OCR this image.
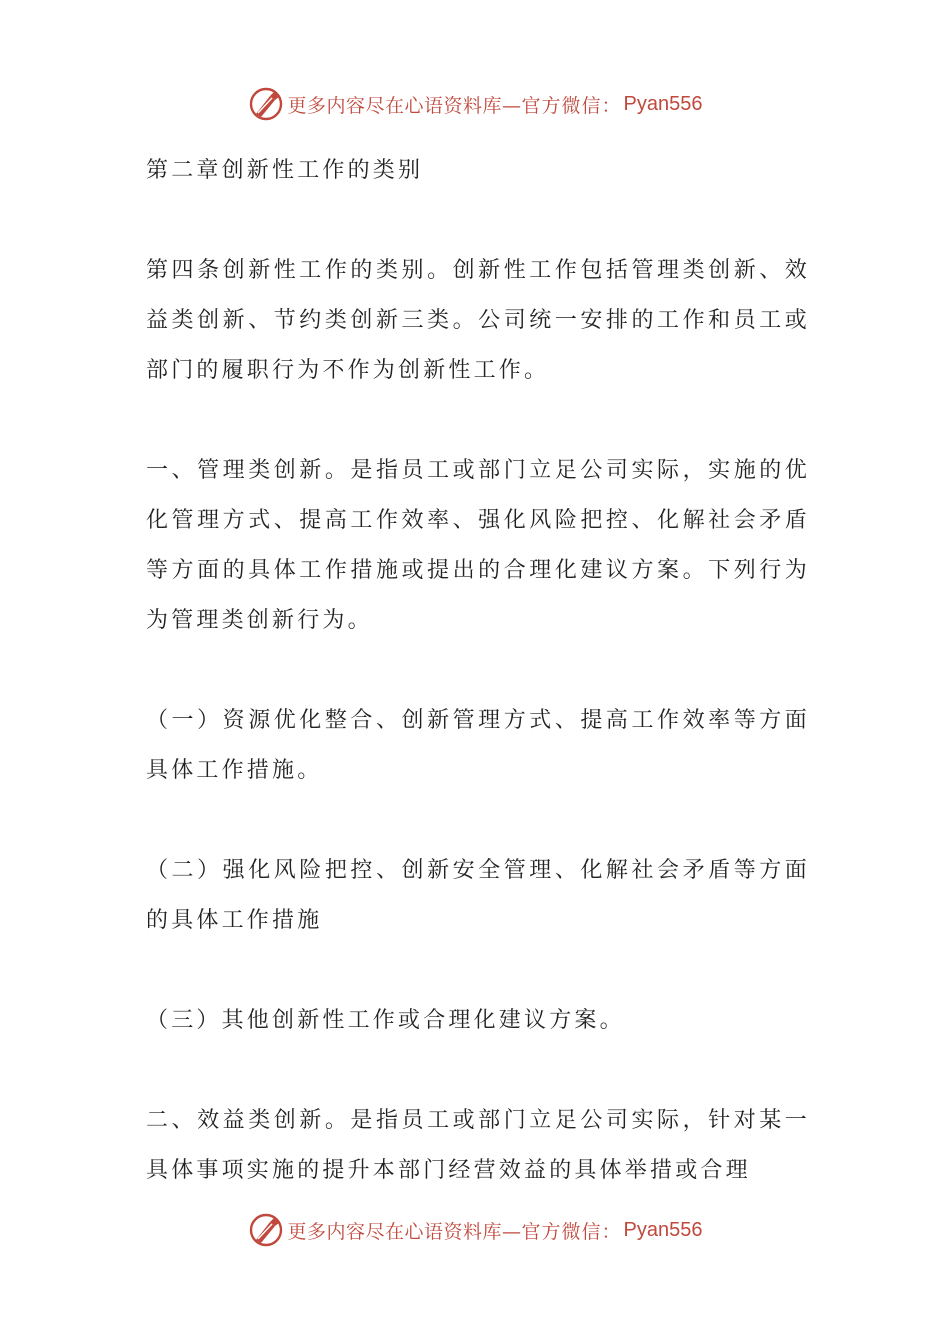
更多内容尽在心语资料库— 官方微信： Pyan556

第二章创新性工作的类别

第四条创新性工作的类别。创新性工作包括管理类创新、效益类创新、节约类创新三类。公司统一安排的工作和员工或部门的履职行为不作为创新性工作。

一、管理类创新。是指员工或部门立足公司实际，实施的优化管理方式、提高工作效率、强化风险把控、化解社会矛盾等方面的具体工作措施或提出的合理化建议方案。下列行为为管理类创新行为。

（一）资源优化整合、创新管理方式、提高工作效率等方面具体工作措施。

（二）强化风险把控、创新安全管理、化解社会矛盾等方面的具体工作措施

（三）其他创新性工作或合理化建议方案。

二、效益类创新。是指员工或部门立足公司实际，针对某一具体事项实施的提升本部门经营效益的具体举措或合理

更多内容尽在心语资料库— 官方微信： Pyan556
